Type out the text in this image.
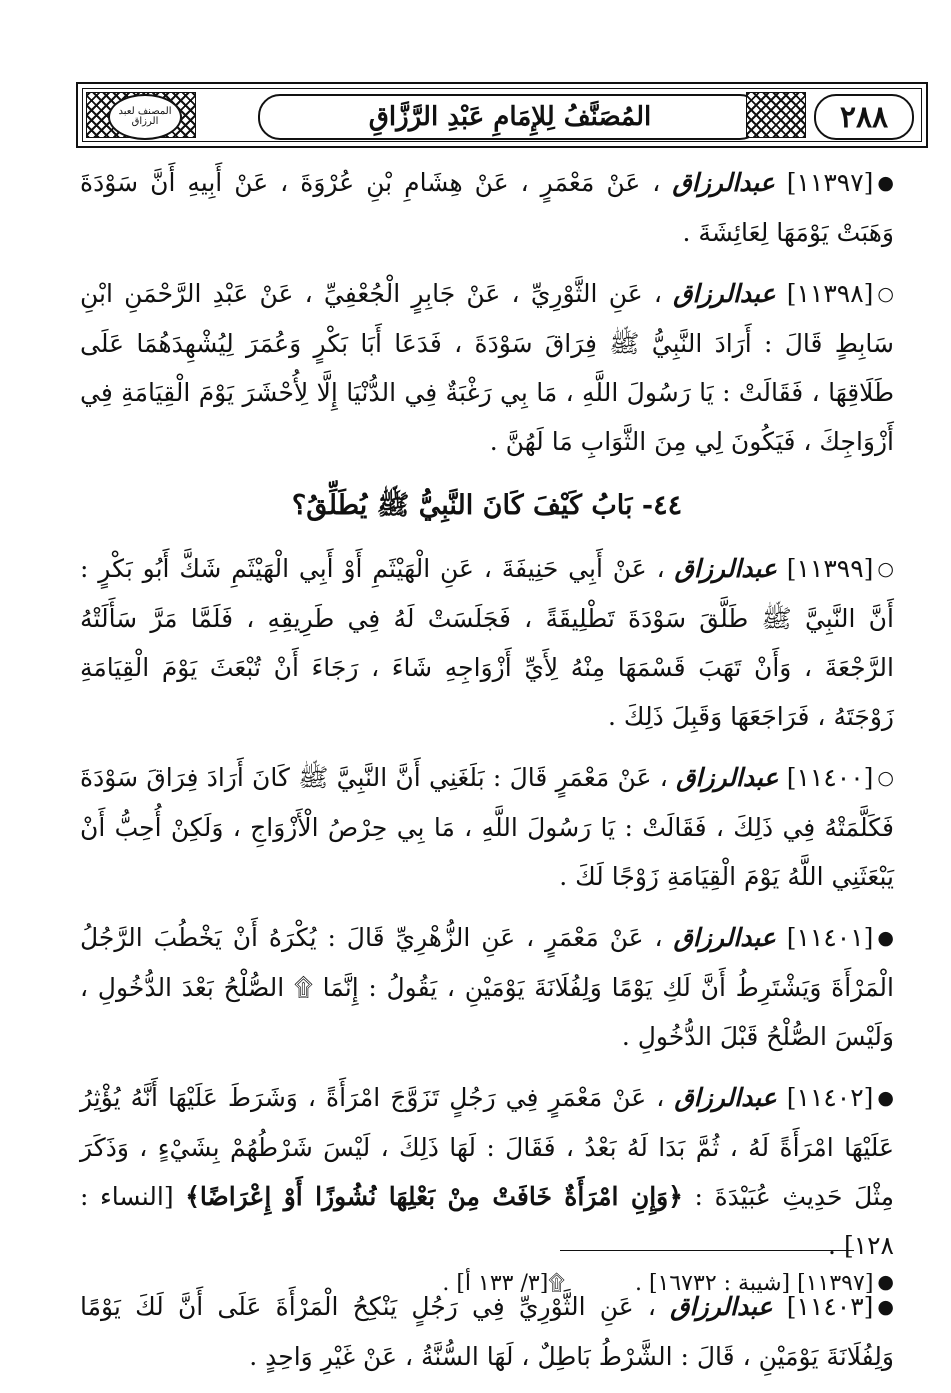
المصنف لعبد الرزاق	المُصَنَّفُ لِلإِمَامِ عَبْدِ الرَّزَّاقِ	٢٨٨

●[١١٣٩٧] عبدالرزاق ، عَنْ مَعْمَرٍ ، عَنْ هِشَامِ بْنِ عُرْوَةَ ، عَنْ أَبِيهِ أَنَّ سَوْدَةَ وَهَبَتْ يَوْمَهَا لِعَائِشَةَ .

○[١١٣٩٨] عبدالرزاق ، عَنِ الثَّوْرِيِّ ، عَنْ جَابِرٍ الْجُعْفِيِّ ، عَنْ عَبْدِ الرَّحْمَنِ ابْنِ سَابِطٍ قَالَ : أَرَادَ النَّبِيُّ ﷺ فِرَاقَ سَوْدَةَ ، فَدَعَا أَبَا بَكْرٍ وَعُمَرَ لِيُشْهِدَهُمَا عَلَى طَلَاقِهَا ، فَقَالَتْ : يَا رَسُولَ اللَّهِ ، مَا بِي رَغْبَةٌ فِي الدُّنْيَا إِلَّا لِأُحْشَرَ يَوْمَ الْقِيَامَةِ فِي أَزْوَاجِكَ ، فَيَكُونَ لِي مِنَ الثَّوَابِ مَا لَهُنَّ .

٤٤- بَابُ كَيْفَ كَانَ النَّبِيُّ ﷺ يُطَلِّقُ؟

○[١١٣٩٩] عبدالرزاق ، عَنْ أَبِي حَنِيفَةَ ، عَنِ الْهَيْثَمِ أَوْ أَبِي الْهَيْثَمِ شَكَّ أَبُو بَكْرٍ : أَنَّ النَّبِيَّ ﷺ طَلَّقَ سَوْدَةَ تَطْلِيقَةً ، فَجَلَسَتْ لَهُ فِي طَرِيقِهِ ، فَلَمَّا مَرَّ سَأَلَتْهُ الرَّجْعَةَ ، وَأَنْ تَهَبَ قَسْمَهَا مِنْهُ لِأَيِّ أَزْوَاجِهِ شَاءَ ، رَجَاءَ أَنْ تُبْعَثَ يَوْمَ الْقِيَامَةِ زَوْجَتَهُ ، فَرَاجَعَهَا وَقَبِلَ ذَلِكَ .

○[١١٤٠٠] عبدالرزاق ، عَنْ مَعْمَرٍ قَالَ : بَلَغَنِي أَنَّ النَّبِيَّ ﷺ كَانَ أَرَادَ فِرَاقَ سَوْدَةَ فَكَلَّمَتْهُ فِي ذَلِكَ ، فَقَالَتْ : يَا رَسُولَ اللَّهِ ، مَا بِي حِرْصُ الْأَزْوَاجِ ، وَلَكِنْ أُحِبُّ أَنْ يَبْعَثَنِي اللَّهُ يَوْمَ الْقِيَامَةِ زَوْجًا لَكَ .

●[١١٤٠١] عبدالرزاق ، عَنْ مَعْمَرٍ ، عَنِ الزُّهْرِيِّ قَالَ : يُكْرَهُ أَنْ يَخْطُبَ الرَّجُلُ الْمَرْأَةَ وَيَشْتَرِطُ أَنَّ لَكِ يَوْمًا وَلِفُلَانَةَ يَوْمَيْنِ ، يَقُولُ : إِنَّمَا ۩ الصُّلْحُ بَعْدَ الدُّخُولِ ، وَلَيْسَ الصُّلْحُ قَبْلَ الدُّخُولِ .

●[١١٤٠٢] عبدالرزاق ، عَنْ مَعْمَرٍ فِي رَجُلٍ تَزَوَّجَ امْرَأَةً ، وَشَرَطَ عَلَيْهَا أَنَّهُ يُؤْثِرُ عَلَيْهَا امْرَأَةً لَهُ ، ثُمَّ بَدَا لَهُ بَعْدُ ، فَقَالَ : لَهَا ذَلِكَ ، لَيْسَ شَرْطُهُمْ بِشَيْءٍ ، وَذَكَرَ مِثْلَ حَدِيثِ عُبَيْدَةَ : ﴿وَإِنِ امْرَأَةٌ خَافَتْ مِنْ بَعْلِهَا نُشُوزًا أَوْ إِعْرَاضًا﴾ [النساء : ١٢٨] .

●[١١٤٠٣] عبدالرزاق ، عَنِ الثَّوْرِيِّ فِي رَجُلٍ يَنْكِحُ الْمَرْأَةَ عَلَى أَنَّ لَكَ يَوْمًا وَلِفُلَانَةَ يَوْمَيْنِ ، قَالَ : الشَّرْطُ بَاطِلٌ ، لَهَا السُّنَّةُ ، عَنْ غَيْرِ وَاحِدٍ .

●[١١٣٩٧] [شيبة : ١٦٧٣٢] .          ۩[٣/ ١٣٣ أ] .
